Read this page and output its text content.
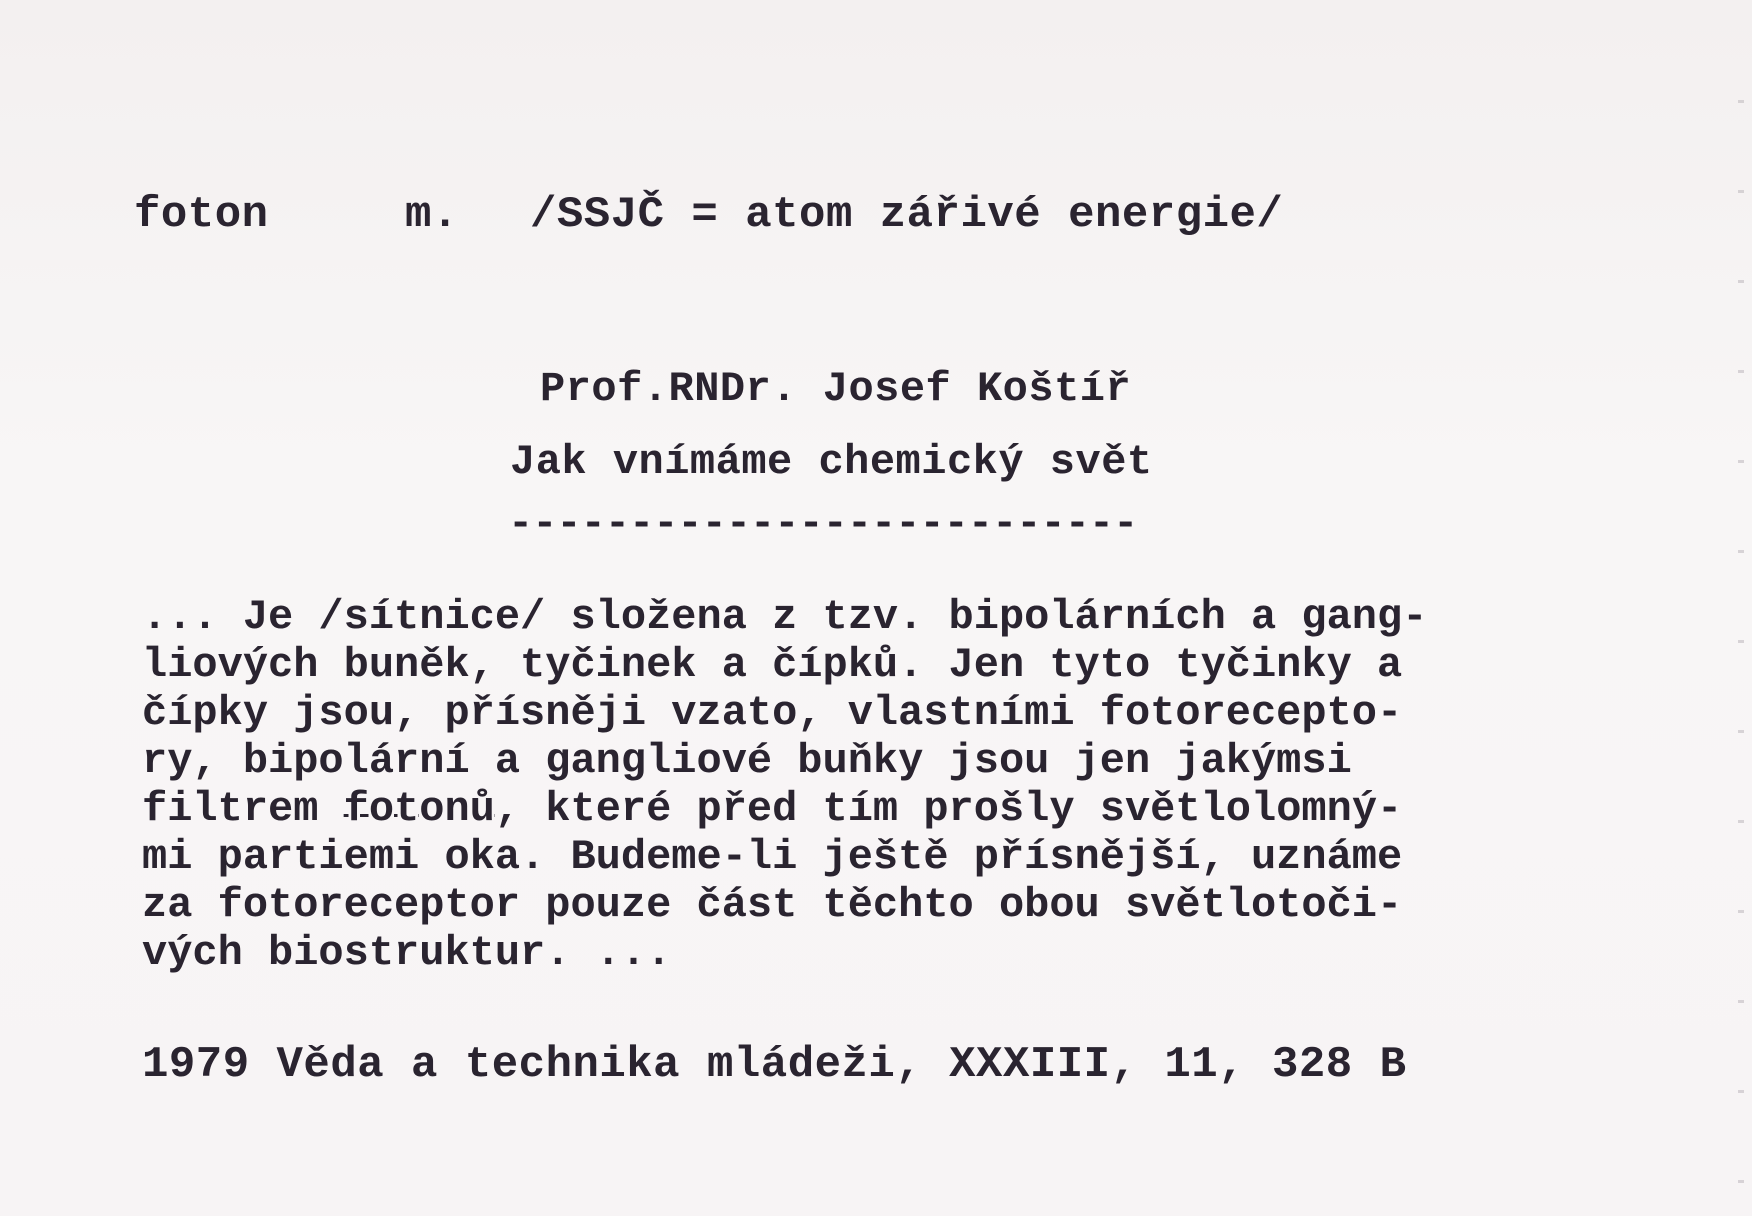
foton	m. /SSJČ = atom zářivé energie/
Prof.RNDr. Josef Koštíř
Jak vnímáme chemický svět
--------------------------
... Je /sítnice/ složena z tzv. bipolárních a gang-
liových buněk, tyčinek a čípků. Jen tyto tyčinky a
čípky jsou, přísněji vzato, vlastními fotorecepto-
ry, bipolární a gangliové buňky jsou jen jakýmsi
filtrem fotonů, které před tím prošly světlolomný-
mi partiemi oka. Budeme-li ještě přísnější, uznáme
za fotoreceptor pouze část těchto obou světlotoči-
vých biostruktur. ...
1979 Věda a technika mládeži, XXXIII, 11, 328 B
